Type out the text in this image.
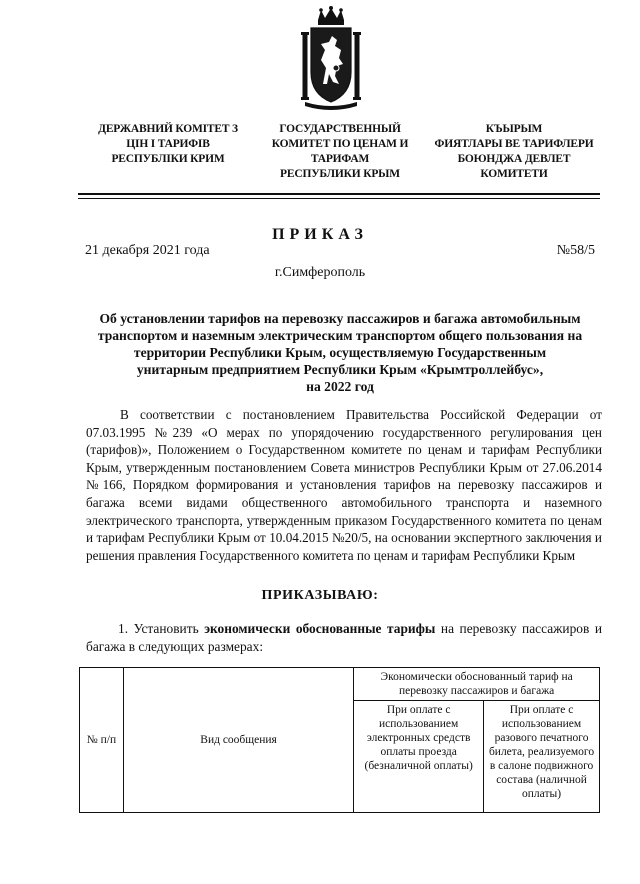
ДЕРЖАВНИЙ КОМІТЕТ З
ЦІН І ТАРИФІВ
РЕСПУБЛІКИ КРИМ
ГОСУДАРСТВЕННЫЙ
КОМИТЕТ ПО ЦЕНАМ И
ТАРИФАМ
РЕСПУБЛИКИ КРЫМ
КЪЫРЫМ
ФИЯТЛАРЫ ВЕ ТАРИФЛЕРИ
БОЮНДЖА ДЕВЛЕТ
КОМИТЕТИ
ПРИКАЗ
21 декабря 2021 года	№58/5
г.Симферополь
Об установлении тарифов на перевозку пассажиров и багажа автомобильным
транспортом и наземным электрическим транспортом общего пользования на
территории Республики Крым, осуществляемую Государственным
унитарным предприятием Республики Крым «Крымтроллейбус»,
на 2022 год
В соответствии с постановлением Правительства Российской Федерации от 07.03.1995 №239 «О мерах по упорядочению государственного регулирования цен (тарифов)», Положением о Государственном комитете по ценам и тарифам Республики Крым, утвержденным постановлением Совета министров Республики Крым от 27.06.2014 №166, Порядком формирования и установления тарифов на перевозку пассажиров и багажа всеми видами общественного автомобильного транспорта и наземного электрического транспорта, утвержденным приказом Государственного комитета по ценам и тарифам Республики Крым от 10.04.2015 №20/5, на основании экспертного заключения и решения правления Государственного комитета по ценам и тарифам Республики Крым
ПРИКАЗЫВАЮ:
1. Установить экономически обоснованные тарифы на перевозку пассажиров и багажа в следующих размерах:
№ п/п	Вид сообщения	Экономически обоснованный тариф на перевозку пассажиров и багажа	
		При оплате с использованием электронных средств оплаты проезда (безналичной оплаты)	При оплате с использованием разового печатного билета, реализуемого в салоне подвижного состава (наличной оплаты)
